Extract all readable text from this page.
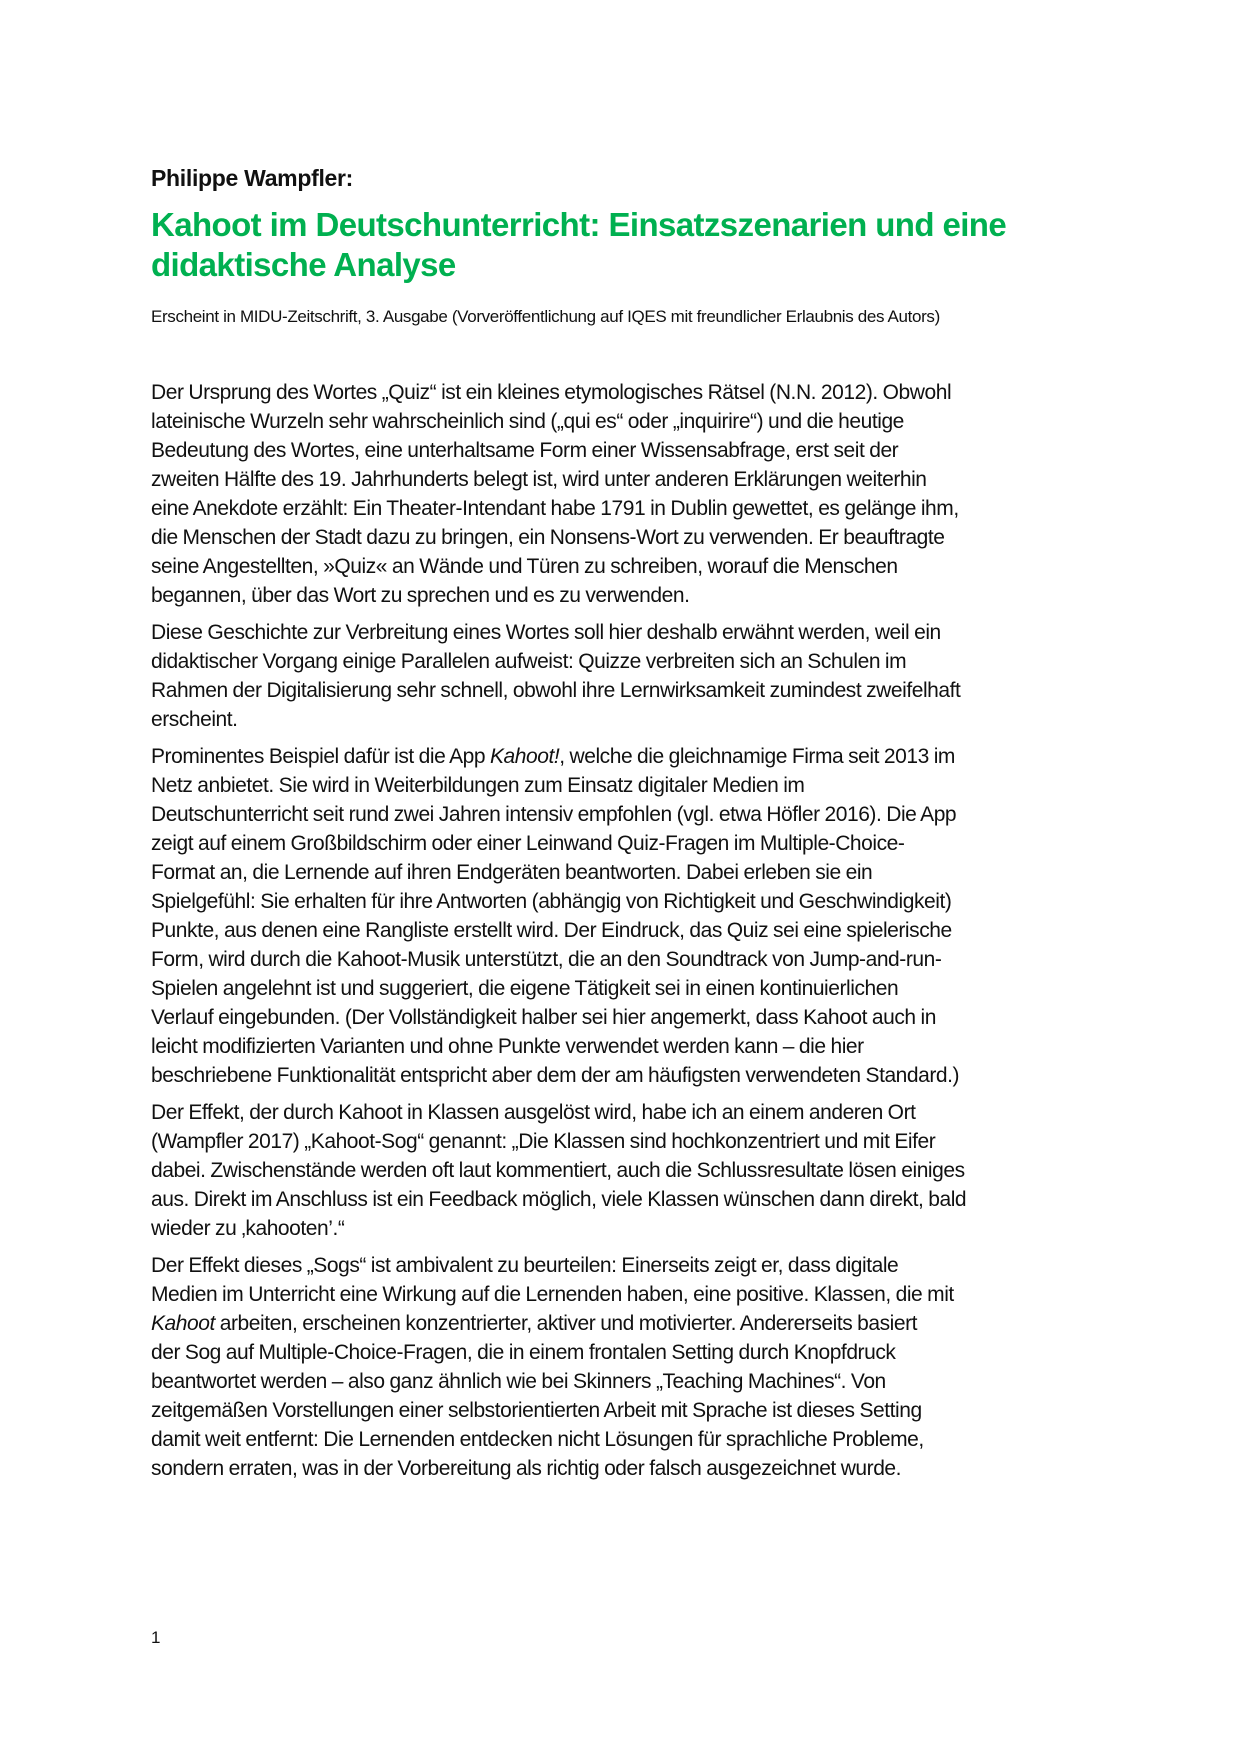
Philippe Wampfler:
Kahoot im Deutschunterricht: Einsatzszenarien und eine
didaktische Analyse

Erscheint in MIDU-Zeitschrift, 3. Ausgabe (Vorveröffentlichung auf IQES mit freundlicher Erlaubnis des Autors)

Der Ursprung des Wortes „Quiz“ ist ein kleines etymologisches Rätsel (N.N. 2012). Obwohl
lateinische Wurzeln sehr wahrscheinlich sind („qui es“ oder „inquirire“) und die heutige
Bedeutung des Wortes, eine unterhaltsame Form einer Wissensabfrage, erst seit der
zweiten Hälfte des 19. Jahrhunderts belegt ist, wird unter anderen Erklärungen weiterhin
eine Anekdote erzählt: Ein Theater-Intendant habe 1791 in Dublin gewettet, es gelänge ihm,
die Menschen der Stadt dazu zu bringen, ein Nonsens-Wort zu verwenden. Er beauftragte
seine Angestellten, »Quiz« an Wände und Türen zu schreiben, worauf die Menschen
begannen, über das Wort zu sprechen und es zu verwenden.

Diese Geschichte zur Verbreitung eines Wortes soll hier deshalb erwähnt werden, weil ein
didaktischer Vorgang einige Parallelen aufweist: Quizze verbreiten sich an Schulen im
Rahmen der Digitalisierung sehr schnell, obwohl ihre Lernwirksamkeit zumindest zweifelhaft
erscheint.

Prominentes Beispiel dafür ist die App Kahoot!, welche die gleichnamige Firma seit 2013 im
Netz anbietet. Sie wird in Weiterbildungen zum Einsatz digitaler Medien im
Deutschunterricht seit rund zwei Jahren intensiv empfohlen (vgl. etwa Höfler 2016). Die App
zeigt auf einem Großbildschirm oder einer Leinwand Quiz-Fragen im Multiple-Choice-
Format an, die Lernende auf ihren Endgeräten beantworten. Dabei erleben sie ein
Spielgefühl: Sie erhalten für ihre Antworten (abhängig von Richtigkeit und Geschwindigkeit)
Punkte, aus denen eine Rangliste erstellt wird. Der Eindruck, das Quiz sei eine spielerische
Form, wird durch die Kahoot-Musik unterstützt, die an den Soundtrack von Jump-and-run-
Spielen angelehnt ist und suggeriert, die eigene Tätigkeit sei in einen kontinuierlichen
Verlauf eingebunden. (Der Vollständigkeit halber sei hier angemerkt, dass Kahoot auch in
leicht modifizierten Varianten und ohne Punkte verwendet werden kann – die hier
beschriebene Funktionalität entspricht aber dem der am häufigsten verwendeten Standard.)

Der Effekt, der durch Kahoot in Klassen ausgelöst wird, habe ich an einem anderen Ort
(Wampfler 2017) „Kahoot-Sog“ genannt: „Die Klassen sind hochkonzentriert und mit Eifer
dabei. Zwischenstände werden oft laut kommentiert, auch die Schlussresultate lösen einiges
aus. Direkt im Anschluss ist ein Feedback möglich, viele Klassen wünschen dann direkt, bald
wieder zu ‚kahooten’.“

Der Effekt dieses „Sogs“ ist ambivalent zu beurteilen: Einerseits zeigt er, dass digitale
Medien im Unterricht eine Wirkung auf die Lernenden haben, eine positive. Klassen, die mit
Kahoot arbeiten, erscheinen konzentrierter, aktiver und motivierter. Andererseits basiert
der Sog auf Multiple-Choice-Fragen, die in einem frontalen Setting durch Knopfdruck
beantwortet werden – also ganz ähnlich wie bei Skinners „Teaching Machines“. Von
zeitgemäßen Vorstellungen einer selbstorientierten Arbeit mit Sprache ist dieses Setting
damit weit entfernt: Die Lernenden entdecken nicht Lösungen für sprachliche Probleme,
sondern erraten, was in der Vorbereitung als richtig oder falsch ausgezeichnet wurde.

1
